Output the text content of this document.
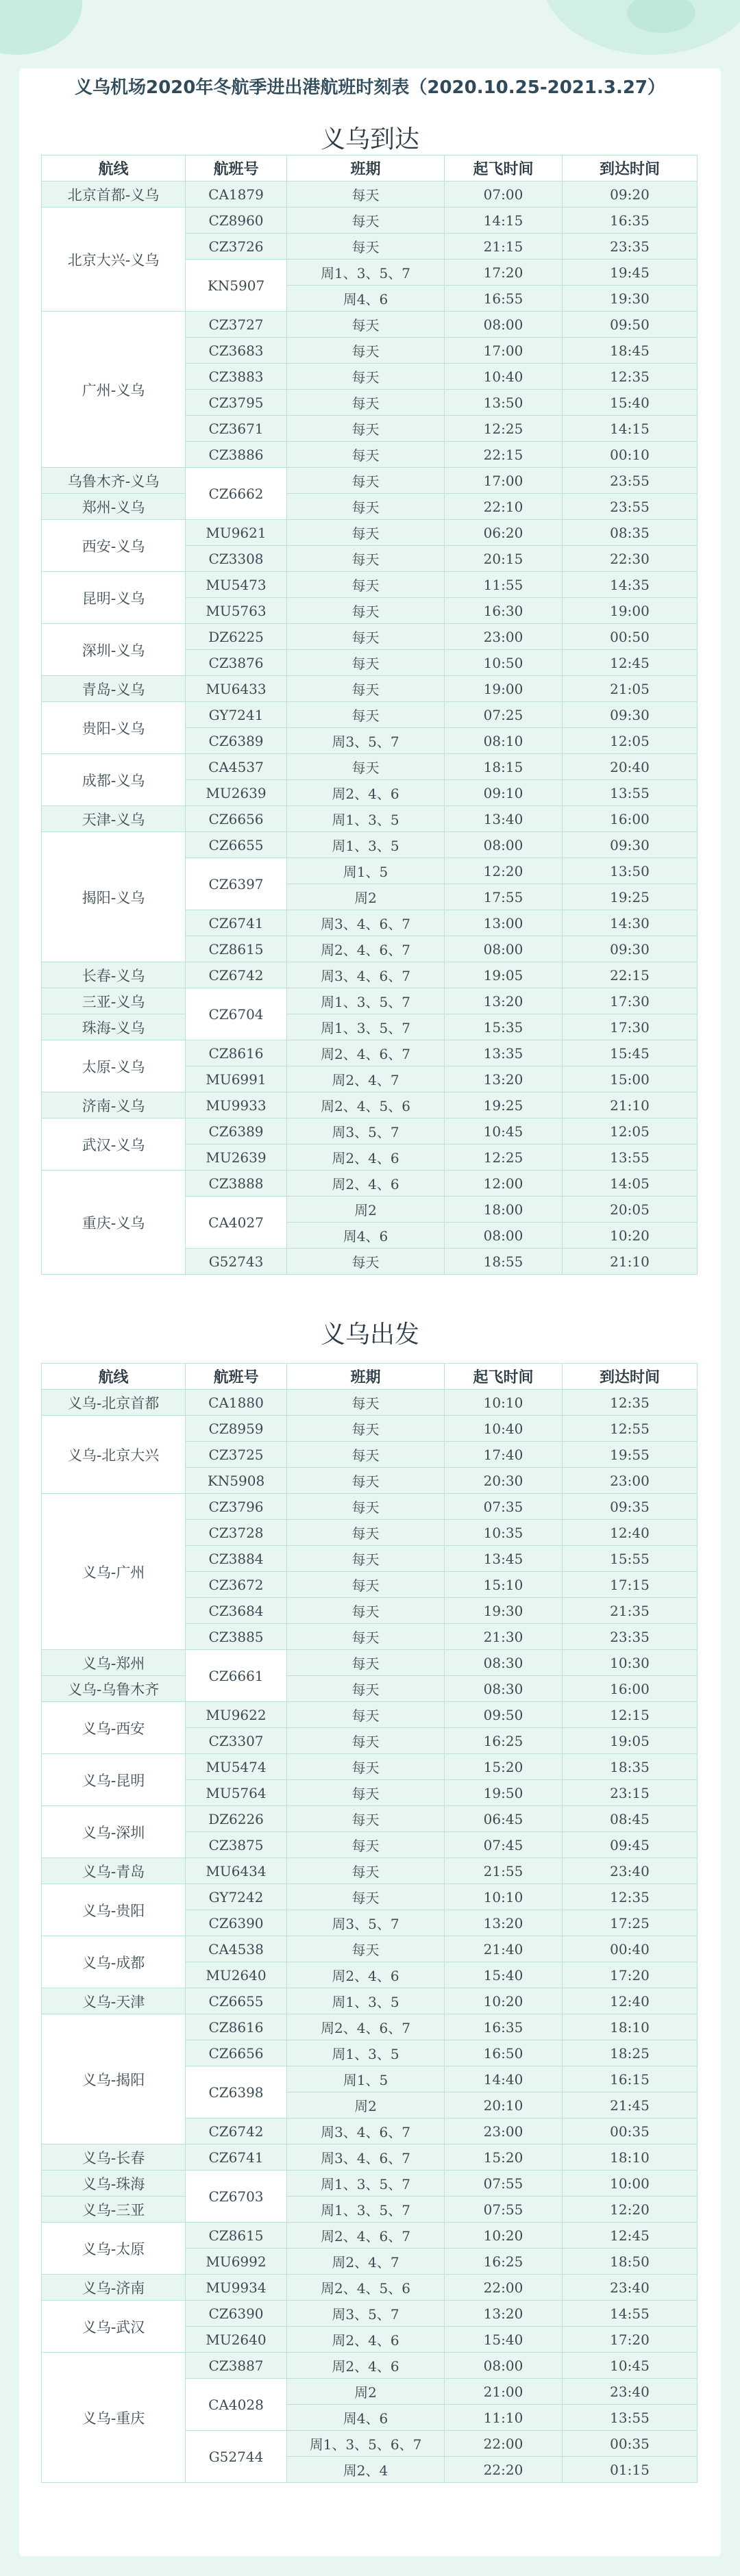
义乌机场2020年冬航季进出港航班时刻表（2020.10.25-2021.3.27）
义乌到达
航线	航班号	班期	起飞时间	到达时间
北京首都-义乌	CA1879	每天	07:00	09:20
北京大兴-义乌	CZ8960	每天	14:15	16:35
	CZ3726	每天	21:15	23:35
	KN5907	周1、3、5、7	17:20	19:45
		周4、6	16:55	19:30
广州-义乌	CZ3727	每天	08:00	09:50
	CZ3683	每天	17:00	18:45
	CZ3883	每天	10:40	12:35
	CZ3795	每天	13:50	15:40
	CZ3671	每天	12:25	14:15
	CZ3886	每天	22:15	00:10
乌鲁木齐-义乌	CZ6662	每天	17:00	23:55
郑州-义乌		每天	22:10	23:55
西安-义乌	MU9621	每天	06:20	08:35
	CZ3308	每天	20:15	22:30
昆明-义乌	MU5473	每天	11:55	14:35
	MU5763	每天	16:30	19:00
深圳-义乌	DZ6225	每天	23:00	00:50
	CZ3876	每天	10:50	12:45
青岛-义乌	MU6433	每天	19:00	21:05
贵阳-义乌	GY7241	每天	07:25	09:30
	CZ6389	周3、5、7	08:10	12:05
成都-义乌	CA4537	每天	18:15	20:40
	MU2639	周2、4、6	09:10	13:55
天津-义乌	CZ6656	周1、3、5	13:40	16:00
揭阳-义乌	CZ6655	周1、3、5	08:00	09:30
	CZ6397	周1、5	12:20	13:50
		周2	17:55	19:25
	CZ6741	周3、4、6、7	13:00	14:30
	CZ8615	周2、4、6、7	08:00	09:30
长春-义乌	CZ6742	周3、4、6、7	19:05	22:15
三亚-义乌	CZ6704	周1、3、5、7	13:20	17:30
珠海-义乌		周1、3、5、7	15:35	17:30
太原-义乌	CZ8616	周2、4、6、7	13:35	15:45
	MU6991	周2、4、7	13:20	15:00
济南-义乌	MU9933	周2、4、5、6	19:25	21:10
武汉-义乌	CZ6389	周3、5、7	10:45	12:05
	MU2639	周2、4、6	12:25	13:55
重庆-义乌	CZ3888	周2、4、6	12:00	14:05
	CA4027	周2	18:00	20:05
		周4、6	08:00	10:20
	G52743	每天	18:55	21:10
义乌出发
航线	航班号	班期	起飞时间	到达时间
义乌-北京首都	CA1880	每天	10:10	12:35
义乌-北京大兴	CZ8959	每天	10:40	12:55
	CZ3725	每天	17:40	19:55
	KN5908	每天	20:30	23:00
义乌-广州	CZ3796	每天	07:35	09:35
	CZ3728	每天	10:35	12:40
	CZ3884	每天	13:45	15:55
	CZ3672	每天	15:10	17:15
	CZ3684	每天	19:30	21:35
	CZ3885	每天	21:30	23:35
义乌-郑州	CZ6661	每天	08:30	10:30
义乌-乌鲁木齐		每天	08:30	16:00
义乌-西安	MU9622	每天	09:50	12:15
	CZ3307	每天	16:25	19:05
义乌-昆明	MU5474	每天	15:20	18:35
	MU5764	每天	19:50	23:15
义乌-深圳	DZ6226	每天	06:45	08:45
	CZ3875	每天	07:45	09:45
义乌-青岛	MU6434	每天	21:55	23:40
义乌-贵阳	GY7242	每天	10:10	12:35
	CZ6390	周3、5、7	13:20	17:25
义乌-成都	CA4538	每天	21:40	00:40
	MU2640	周2、4、6	15:40	17:20
义乌-天津	CZ6655	周1、3、5	10:20	12:40
义乌-揭阳	CZ8616	周2、4、6、7	16:35	18:10
	CZ6656	周1、3、5	16:50	18:25
	CZ6398	周1、5	14:40	16:15
		周2	20:10	21:45
	CZ6742	周3、4、6、7	23:00	00:35
义乌-长春	CZ6741	周3、4、6、7	15:20	18:10
义乌-珠海	CZ6703	周1、3、5、7	07:55	10:00
义乌-三亚		周1、3、5、7	07:55	12:20
义乌-太原	CZ8615	周2、4、6、7	10:20	12:45
	MU6992	周2、4、7	16:25	18:50
义乌-济南	MU9934	周2、4、5、6	22:00	23:40
义乌-武汉	CZ6390	周3、5、7	13:20	14:55
	MU2640	周2、4、6	15:40	17:20
义乌-重庆	CZ3887	周2、4、6	08:00	10:45
	CA4028	周2	21:00	23:40
		周4、6	11:10	13:55
	G52744	周1、3、5、6、7	22:00	00:35
		周2、4	22:20	01:15
